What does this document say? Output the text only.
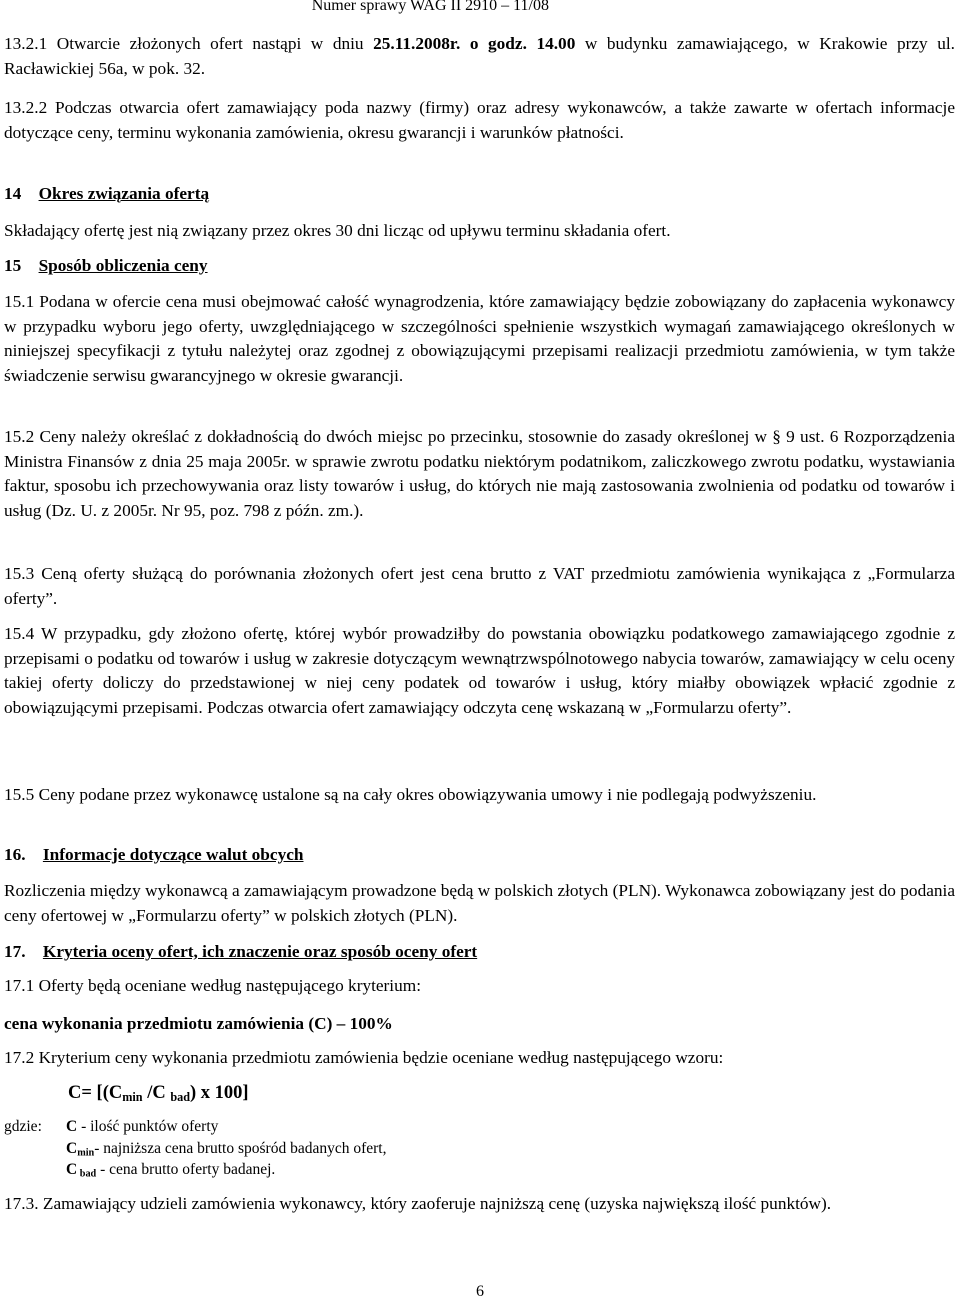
Numer sprawy WAG II 2910 – 11/08

13.2.1 Otwarcie złożonych ofert nastąpi w dniu 25.11.2008r. o godz. 14.00 w budynku zamawiającego, w Krakowie przy ul. Racławickiej 56a, w pok. 32.

13.2.2 Podczas otwarcia ofert zamawiający poda nazwy (firmy) oraz adresy wykonawców, a także zawarte w ofertach informacje dotyczące ceny, terminu wykonania zamówienia, okresu gwarancji i warunków płatności.

14 Okres związania ofertą

Składający ofertę jest nią związany przez okres 30 dni licząc od upływu terminu składania ofert.

15 Sposób obliczenia ceny

15.1 Podana w ofercie cena musi obejmować całość wynagrodzenia, które zamawiający będzie zobowiązany do zapłacenia wykonawcy w przypadku wyboru jego oferty, uwzględniającego w szczególności spełnienie wszystkich wymagań zamawiającego określonych w niniejszej specyfikacji z tytułu należytej oraz zgodnej z obowiązującymi przepisami realizacji przedmiotu zamówienia, w tym także świadczenie serwisu gwarancyjnego w okresie gwarancji.

15.2 Ceny należy określać z dokładnością do dwóch miejsc po przecinku, stosownie do zasady określonej w § 9 ust. 6 Rozporządzenia Ministra Finansów z dnia 25 maja 2005r. w sprawie zwrotu podatku niektórym podatnikom, zaliczkowego zwrotu podatku, wystawiania faktur, sposobu ich przechowywania oraz listy towarów i usług, do których nie mają zastosowania zwolnienia od podatku od towarów i usług (Dz. U. z 2005r. Nr 95, poz. 798 z późn. zm.).

15.3 Ceną oferty służącą do porównania złożonych ofert jest cena brutto z VAT przedmiotu zamówienia wynikająca z „Formularza oferty”.

15.4 W przypadku, gdy złożono ofertę, której wybór prowadziłby do powstania obowiązku podatkowego zamawiającego zgodnie z przepisami o podatku od towarów i usług w zakresie dotyczącym wewnątrzwspólnotowego nabycia towarów, zamawiający w celu oceny takiej oferty doliczy do przedstawionej w niej ceny podatek od towarów i usług, który miałby obowiązek wpłacić zgodnie z obowiązującymi przepisami. Podczas otwarcia ofert zamawiający odczyta cenę wskazaną w „Formularzu oferty”.

15.5 Ceny podane przez wykonawcę ustalone są na cały okres obowiązywania umowy i nie podlegają podwyższeniu.

16. Informacje dotyczące walut obcych

Rozliczenia między wykonawcą a zamawiającym prowadzone będą w polskich złotych (PLN). Wykonawca zobowiązany jest do podania ceny ofertowej w „Formularzu oferty” w polskich złotych (PLN).

17. Kryteria oceny ofert, ich znaczenie oraz sposób oceny ofert

17.1 Oferty będą oceniane według następującego kryterium:

cena wykonania przedmiotu zamówienia (C) – 100%

17.2 Kryterium ceny wykonania przedmiotu zamówienia będzie oceniane według następującego wzoru:

$C= [(C_{min}$ /C $_{bad}$) x 100]

gdzie: C - ilość punktów oferty

$C_{min}-$ najniższa cena brutto spośród badanych ofert,

C $_{bad}$ - cena brutto oferty badanej.

17.3. Zamawiający udzieli zamówienia wykonawcy, który zaoferuje najniższą cenę (uzyska największą ilość punktów).

6
